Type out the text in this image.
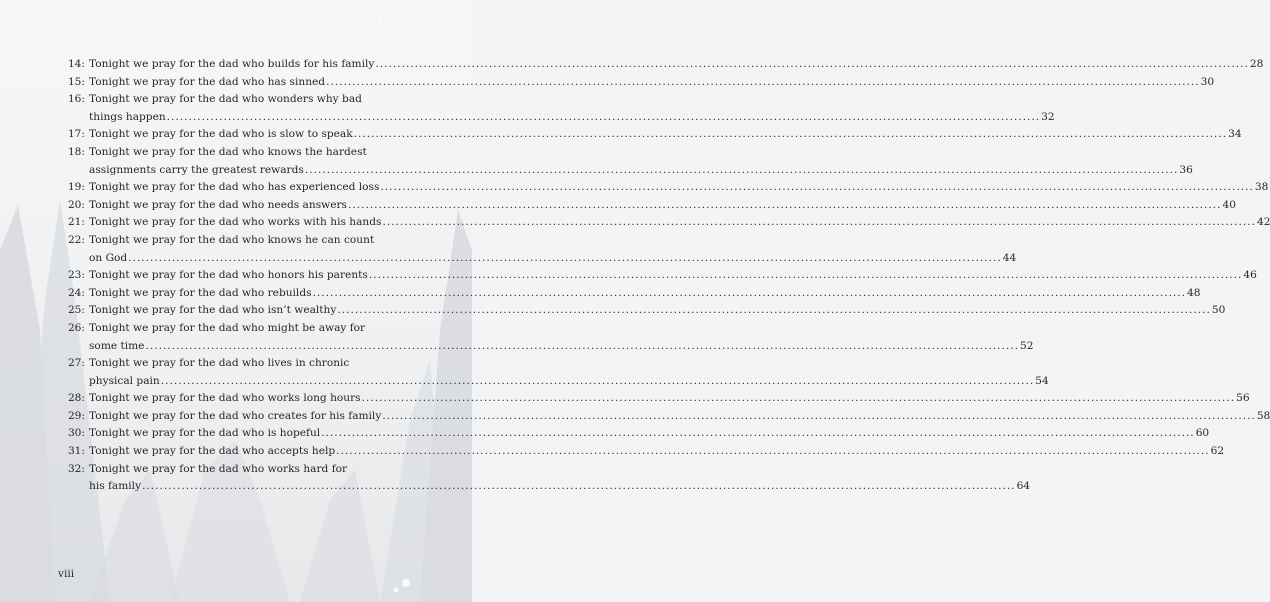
14: Tonight we pray for the dad who builds for his family ........................................................................................................................................................................................................ 28
15: Tonight we pray for the dad who has sinned ........................................................................................................................................................................................................ 30
16: Tonight we pray for the dad who wonders why bad
things happen ........................................................................................................................................................................................................ 32
17: Tonight we pray for the dad who is slow to speak ........................................................................................................................................................................................................ 34
18: Tonight we pray for the dad who knows the hardest
assignments carry the greatest rewards ........................................................................................................................................................................................................ 36
19: Tonight we pray for the dad who has experienced loss ........................................................................................................................................................................................................ 38
20: Tonight we pray for the dad who needs answers ........................................................................................................................................................................................................ 40
21: Tonight we pray for the dad who works with his hands ........................................................................................................................................................................................................ 42
22: Tonight we pray for the dad who knows he can count
on God ........................................................................................................................................................................................................ 44
23: Tonight we pray for the dad who honors his parents ........................................................................................................................................................................................................ 46
24: Tonight we pray for the dad who rebuilds ........................................................................................................................................................................................................ 48
25: Tonight we pray for the dad who isn’t wealthy ........................................................................................................................................................................................................ 50
26: Tonight we pray for the dad who might be away for
some time ........................................................................................................................................................................................................ 52
27: Tonight we pray for the dad who lives in chronic
physical pain ........................................................................................................................................................................................................ 54
28: Tonight we pray for the dad who works long hours ........................................................................................................................................................................................................ 56
29: Tonight we pray for the dad who creates for his family ........................................................................................................................................................................................................ 58
30: Tonight we pray for the dad who is hopeful ........................................................................................................................................................................................................ 60
31: Tonight we pray for the dad who accepts help ........................................................................................................................................................................................................ 62
32: Tonight we pray for the dad who works hard for
his family ........................................................................................................................................................................................................ 64
viii
